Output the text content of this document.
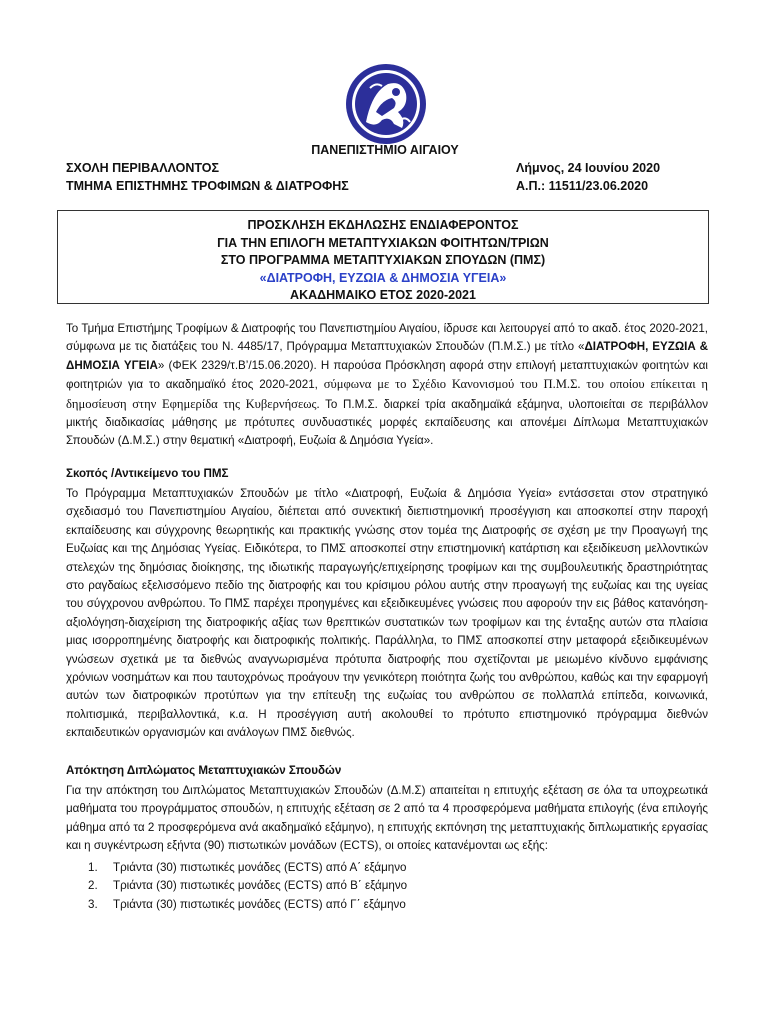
ΠΑΝΕΠΙΣΤΗΜΙΟ ΑΙΓΑΙΟΥ
ΣΧΟΛΗ ΠΕΡΙΒΑΛΛΟΝΤΟΣ
ΤΜΗΜΑ ΕΠΙΣΤΗΜΗΣ ΤΡΟΦΙΜΩΝ & ΔΙΑΤΡΟΦΗΣ
Λήμνος, 24 Ιουνίου 2020
Α.Π.: 11511/23.06.2020
ΠΡΟΣΚΛΗΣΗ ΕΚΔΗΛΩΣΗΣ ΕΝΔΙΑΦΕΡΟΝΤΟΣ
ΓΙΑ ΤΗΝ ΕΠΙΛΟΓΗ ΜΕΤΑΠΤΥΧΙΑΚΩΝ ΦΟΙΤΗΤΩΝ/ΤΡΙΩΝ
ΣΤΟ ΠΡΟΓΡΑΜΜΑ ΜΕΤΑΠΤΥΧΙΑΚΩΝ ΣΠΟΥΔΩΝ (ΠΜΣ)
«ΔΙΑΤΡΟΦΗ, ΕΥΖΩΙΑ & ΔΗΜΟΣΙΑ ΥΓΕΙΑ»
ΑΚΑΔΗΜΑΙΚΟ ΕΤΟΣ 2020-2021

Το Τμήμα Επιστήμης Τροφίμων & Διατροφής του Πανεπιστημίου Αιγαίου, ίδρυσε και λειτουργεί από το ακαδ. έτος 2020-2021, σύμφωνα με τις διατάξεις του Ν. 4485/17, Πρόγραμμα Μεταπτυχιακών Σπουδών (Π.Μ.Σ.) με τίτλο «ΔΙΑΤΡΟΦΗ, ΕΥΖΩΙΑ & ΔΗΜΟΣΙΑ ΥΓΕΙΑ» (ΦΕΚ 2329/τ.Β’/15.06.2020). Η παρούσα Πρόσκληση αφορά στην επιλογή μεταπτυχιακών φοιτητών και φοιτητριών για το ακαδημαϊκό έτος 2020-2021, σύμφωνα με το Σχέδιο Κανονισμού του Π.Μ.Σ. του οποίου επίκειται η δημοσίευση στην Εφημερίδα της Κυβερνήσεως. Το Π.Μ.Σ. διαρκεί τρία ακαδημαϊκά εξάμηνα, υλοποιείται σε περιβάλλον μικτής διαδικασίας μάθησης με πρότυπες συνδυαστικές μορφές εκπαίδευσης και απονέμει Δίπλωμα Μεταπτυχιακών Σπουδών (Δ.Μ.Σ.) στην θεματική «Διατροφή, Ευζωία & Δημόσια Υγεία».

Σκοπός /Αντικείμενο του ΠΜΣ

Το Πρόγραμμα Μεταπτυχιακών Σπουδών με τίτλο «Διατροφή, Ευζωία & Δημόσια Υγεία» εντάσσεται στον στρατηγικό σχεδιασμό του Πανεπιστημίου Αιγαίου, διέπεται από συνεκτική διεπιστημονική προσέγγιση και αποσκοπεί στην παροχή εκπαίδευσης και σύγχρονης θεωρητικής και πρακτικής γνώσης στον τομέα της Διατροφής σε σχέση με την Προαγωγή της Ευζωίας και της Δημόσιας Υγείας. Ειδικότερα, το ΠΜΣ αποσκοπεί στην επιστημονική κατάρτιση και εξειδίκευση μελλοντικών στελεχών της δημόσιας διοίκησης, της ιδιωτικής παραγωγής/επιχείρησης τροφίμων και της συμβουλευτικής δραστηριότητας στο ραγδαίως εξελισσόμενο πεδίο της διατροφής και του κρίσιμου ρόλου αυτής στην προαγωγή της ευζωίας και της υγείας του σύγχρονου ανθρώπου. Το ΠΜΣ παρέχει προηγμένες και εξειδικευμένες γνώσεις που αφορούν την εις βάθος κατανόηση-αξιολόγηση-διαχείριση της διατροφικής αξίας των θρεπτικών συστατικών των τροφίμων και της ένταξης αυτών στα πλαίσια μιας ισορροπημένης διατροφής και διατροφικής πολιτικής. Παράλληλα, το ΠΜΣ αποσκοπεί στην μεταφορά εξειδικευμένων γνώσεων σχετικά με τα διεθνώς αναγνωρισμένα πρότυπα διατροφής που σχετίζονται με μειωμένο κίνδυνο εμφάνισης χρόνιων νοσημάτων και που ταυτοχρόνως προάγουν την γενικότερη ποιότητα ζωής του ανθρώπου, καθώς και την εφαρμογή αυτών των διατροφικών προτύπων για την επίτευξη της ευζωίας του ανθρώπου σε πολλαπλά επίπεδα, κοινωνικά, πολιτισμικά, περιβαλλοντικά, κ.α. Η προσέγγιση αυτή ακολουθεί το πρότυπο επιστημονικό πρόγραμμα διεθνών εκπαιδευτικών οργανισμών και ανάλογων ΠΜΣ διεθνώς.

Απόκτηση Διπλώματος Μεταπτυχιακών Σπουδών

Για την απόκτηση του Διπλώματος Μεταπτυχιακών Σπουδών (Δ.Μ.Σ) απαιτείται η επιτυχής εξέταση σε όλα τα υποχρεωτικά μαθήματα του προγράμματος σπουδών, η επιτυχής εξέταση σε 2 από τα 4 προσφερόμενα μαθήματα επιλογής (ένα επιλογής μάθημα από τα 2 προσφερόμενα ανά ακαδημαϊκό εξάμηνο), η επιτυχής εκπόνηση της μεταπτυχιακής διπλωματικής εργασίας και η συγκέντρωση εξήντα (90) πιστωτικών μονάδων (ECTS), οι οποίες κατανέμονται ως εξής:

1. Τριάντα (30) πιστωτικές μονάδες (ECTS) από Α΄ εξάμηνο
2. Τριάντα (30) πιστωτικές μονάδες (ECTS) από Β΄ εξάμηνο
3. Τριάντα (30) πιστωτικές μονάδες (ECTS) από Γ΄ εξάμηνο
